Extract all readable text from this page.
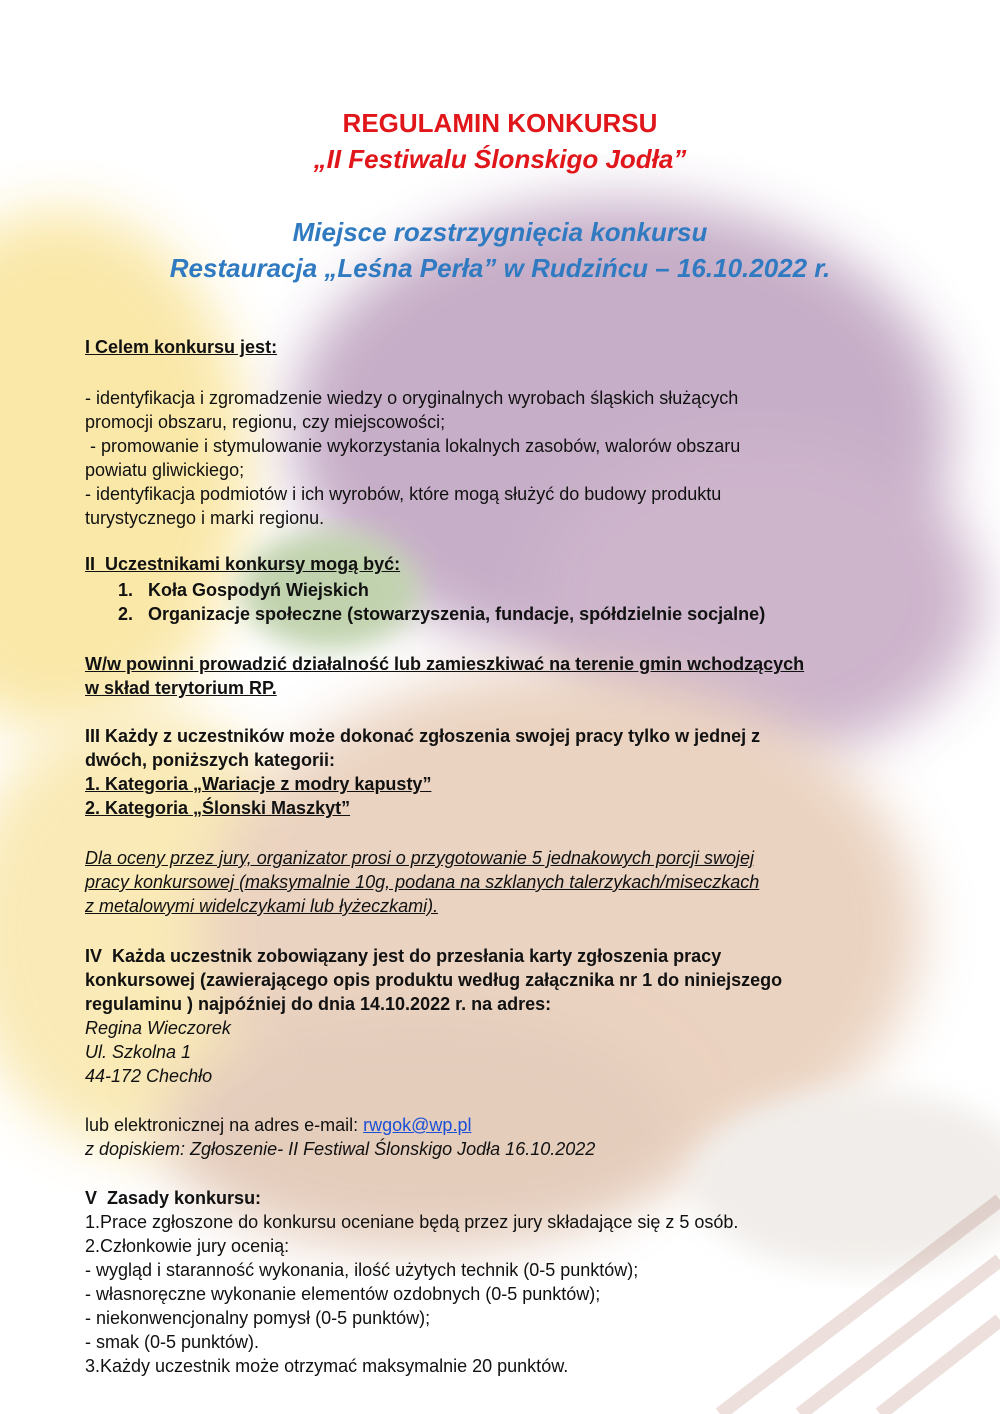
REGULAMIN KONKURSU

„II Festiwalu Ślonskigo Jodła”

Miejsce rozstrzygnięcia konkursu

Restauracja „Leśna Perła” w Rudzińcu – 16.10.2022 r.

I Celem konkursu jest:

- identyfikacja i zgromadzenie wiedzy o oryginalnych wyrobach śląskich służących

promocji obszaru, regionu, czy miejscowości;

- promowanie i stymulowanie wykorzystania lokalnych zasobów, walorów obszaru

powiatu gliwickiego;

- identyfikacja podmiotów i ich wyrobów, które mogą służyć do budowy produktu

turystycznego i marki regionu.

II  Uczestnikami konkursy mogą być:

1. Koła Gospodyń Wiejskich

2. Organizacje społeczne (stowarzyszenia, fundacje, spółdzielnie socjalne)

W/w powinni prowadzić działalność lub zamieszkiwać na terenie gmin wchodzących

w skład terytorium RP.

III Każdy z uczestników może dokonać zgłoszenia swojej pracy tylko w jednej z

dwóch, poniższych kategorii:

1. Kategoria „Wariacje z modry kapusty”

2. Kategoria „Ślonski Maszkyt”

Dla oceny przez jury, organizator prosi o przygotowanie 5 jednakowych porcji swojej

pracy konkursowej (maksymalnie 10g, podana na szklanych talerzykach/miseczkach

z metalowymi widelczykami lub łyżeczkami).

IV  Każda uczestnik zobowiązany jest do przesłania karty zgłoszenia pracy

konkursowej (zawierającego opis produktu według załącznika nr 1 do niniejszego

regulaminu ) najpóźniej do dnia 14.10.2022 r. na adres:

Regina Wieczorek

Ul. Szkolna 1

44-172 Chechło

lub elektronicznej na adres e-mail: rwgok@wp.pl

z dopiskiem: Zgłoszenie- II Festiwal Ślonskigo Jodła 16.10.2022

V  Zasady konkursu:

1.Prace zgłoszone do konkursu oceniane będą przez jury składające się z 5 osób.

2.Członkowie jury ocenią:

- wygląd i staranność wykonania, ilość użytych technik (0-5 punktów);

- własnoręczne wykonanie elementów ozdobnych (0-5 punktów);

- niekonwencjonalny pomysł (0-5 punktów);

- smak (0-5 punktów).

3.Każdy uczestnik może otrzymać maksymalnie 20 punktów.
